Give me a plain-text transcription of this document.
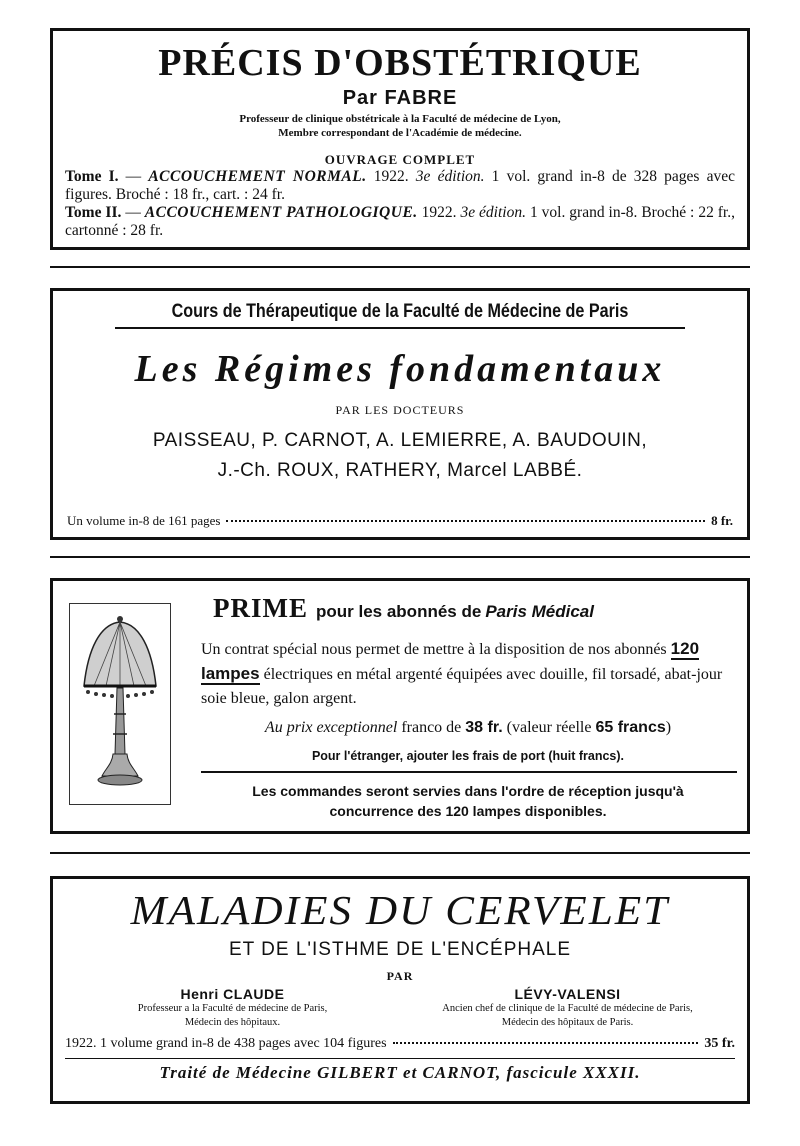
PRÉCIS D'OBSTÉTRIQUE
Par FABRE
Professeur de clinique obstétricale à la Faculté de médecine de Lyon,
Membre correspondant de l'Académie de médecine.
OUVRAGE COMPLET
Tome I. — ACCOUCHEMENT NORMAL. 1922. 3e édition. 1 vol. grand in-8 de 328 pages avec figures. Broché : 18 fr., cart. : 24 fr.
Tome II. — ACCOUCHEMENT PATHOLOGIQUE. 1922. 3e édition. 1 vol. grand in-8. Broché : 22 fr., cartonné : 28 fr.
Cours de Thérapeutique de la Faculté de Médecine de Paris
Les Régimes fondamentaux
PAR LES DOCTEURS
PAISSEAU, P. CARNOT, A. LEMIERRE, A. BAUDOUIN,
J.-Ch. ROUX, RATHERY, Marcel LABBÉ.
Un volume in-8 de 161 pages	8 fr.
PRIME pour les abonnés de Paris Médical
Un contrat spécial nous permet de mettre à la disposition de nos abonnés 120 lampes électriques en métal argenté équipées avec douille, fil torsadé, abat-jour soie bleue, galon argent.
Au prix exceptionnel franco de 38 fr. (valeur réelle 65 francs)
Pour l'étranger, ajouter les frais de port (huit francs).
Les commandes seront servies dans l'ordre de réception jusqu'à
concurrence des 120 lampes disponibles.
MALADIES DU CERVELET
ET DE L'ISTHME DE L'ENCÉPHALE
PAR
Henri CLAUDE
Professeur a la Faculté de médecine de Paris,
Médecin des hôpitaux.
LÉVY-VALENSI
Ancien chef de clinique de la Faculté de médecine de Paris,
Médecin des hôpitaux de Paris.
1922. 1 volume grand in-8 de 438 pages avec 104 figures	35 fr.
Traité de Médecine GILBERT et CARNOT, fascicule XXXII.
